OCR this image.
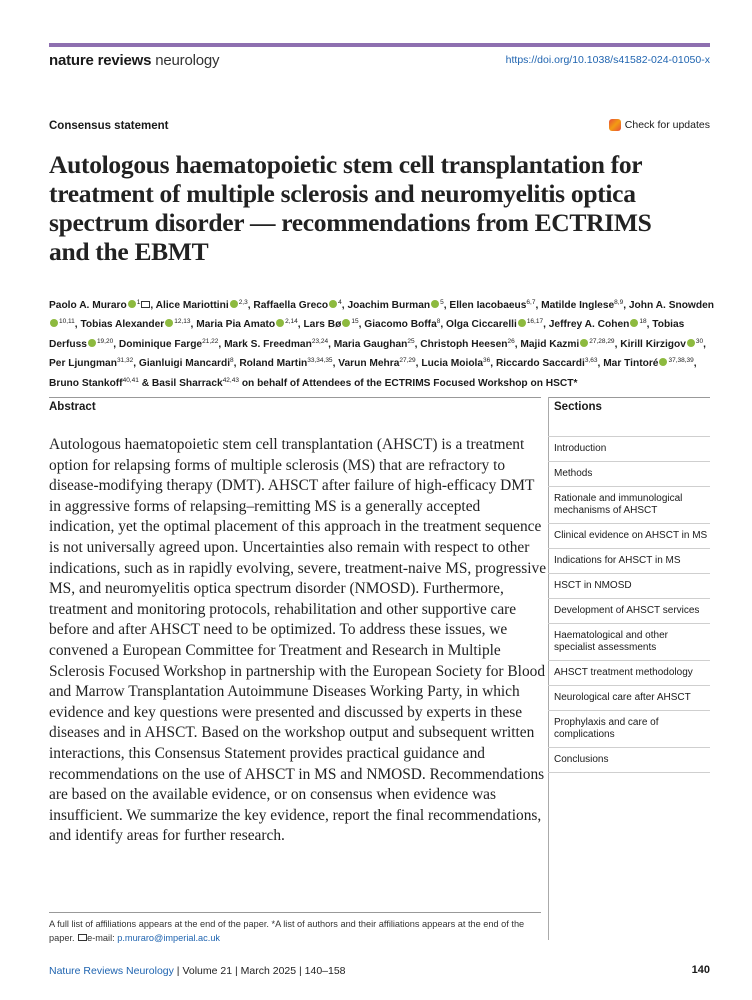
nature reviews neurology	https://doi.org/10.1038/s41582-024-01050-x
Consensus statement	Check for updates
Autologous haematopoietic stem cell transplantation for treatment of multiple sclerosis and neuromyelitis optica spectrum disorder — recommendations from ECTRIMS and the EBMT
Paolo A. Muraro $^1$ , Alice Mariottini $^{2,3}$, Raffaella Greco $^4$, Joachim Burman $^5$, Ellen Iacobaeus$^{6,7}$, Matilde Inglese$^{8,9}$, John A. Snowden$^{10,11}$, Tobias Alexander $^{12,13}$, Maria Pia Amato $^{2,14}$, Lars Bø $^{15}$, Giacomo Boffa$^8$, Olga Ciccarelli $^{16,17}$, Jeffrey A. Cohen $^{18}$, Tobias Derfuss $^{19,20}$, Dominique Farge$^{21,22}$, Mark S. Freedman$^{23,24}$, Maria Gaughan$^{25}$, Christoph Heesen$^{26}$, Majid Kazmi $^{27,28,29}$, Kirill Kirzigov $^{30}$, Per Ljungman$^{31,32}$, Gianluigi Mancardi$^8$, Roland Martin$^{33,34,35}$, Varun Mehra$^{27,29}$, Lucia Moiola$^{36}$, Riccardo Saccardi$^{3,63}$, Mar Tintoré $^{37,38,39}$, Bruno Stankoff$^{40,41}$ & Basil Sharrack$^{42,43}$ on behalf of Attendees of the ECTRIMS Focused Workshop on HSCT*
Abstract

Autologous haematopoietic stem cell transplantation (AHSCT) is a treatment option for relapsing forms of multiple sclerosis (MS) that are refractory to disease-modifying therapy (DMT). AHSCT after failure of high-efficacy DMT in aggressive forms of relapsing–remitting MS is a generally accepted indication, yet the optimal placement of this approach in the treatment sequence is not universally agreed upon. Uncertainties also remain with respect to other indications, such as in rapidly evolving, severe, treatment-naive MS, progressive MS, and neuromyelitis optica spectrum disorder (NMOSD). Furthermore, treatment and monitoring protocols, rehabilitation and other supportive care before and after AHSCT need to be optimized. To address these issues, we convened a European Committee for Treatment and Research in Multiple Sclerosis Focused Workshop in partnership with the European Society for Blood and Marrow Transplantation Autoimmune Diseases Working Party, in which evidence and key questions were presented and discussed by experts in these diseases and in AHSCT. Based on the workshop output and subsequent written interactions, this Consensus Statement provides practical guidance and recommendations on the use of AHSCT in MS and NMOSD. Recommendations are based on the available evidence, or on consensus when evidence was insufficient. We summarize the key evidence, report the final recommendations, and identify areas for further research.

Sections
Introduction
Methods
Rationale and immunological mechanisms of AHSCT
Clinical evidence on AHSCT in MS
Indications for AHSCT in MS
HSCT in NMOSD
Development of AHSCT services
Haematological and other specialist assessments
AHSCT treatment methodology
Neurological care after AHSCT
Prophylaxis and care of complications
Conclusions
A full list of affiliations appears at the end of the paper. *A list of authors and their affiliations appears at the end of the paper. e-mail: p.muraro@imperial.ac.uk
Nature Reviews Neurology | Volume 21 | March 2025 | 140–158	140
